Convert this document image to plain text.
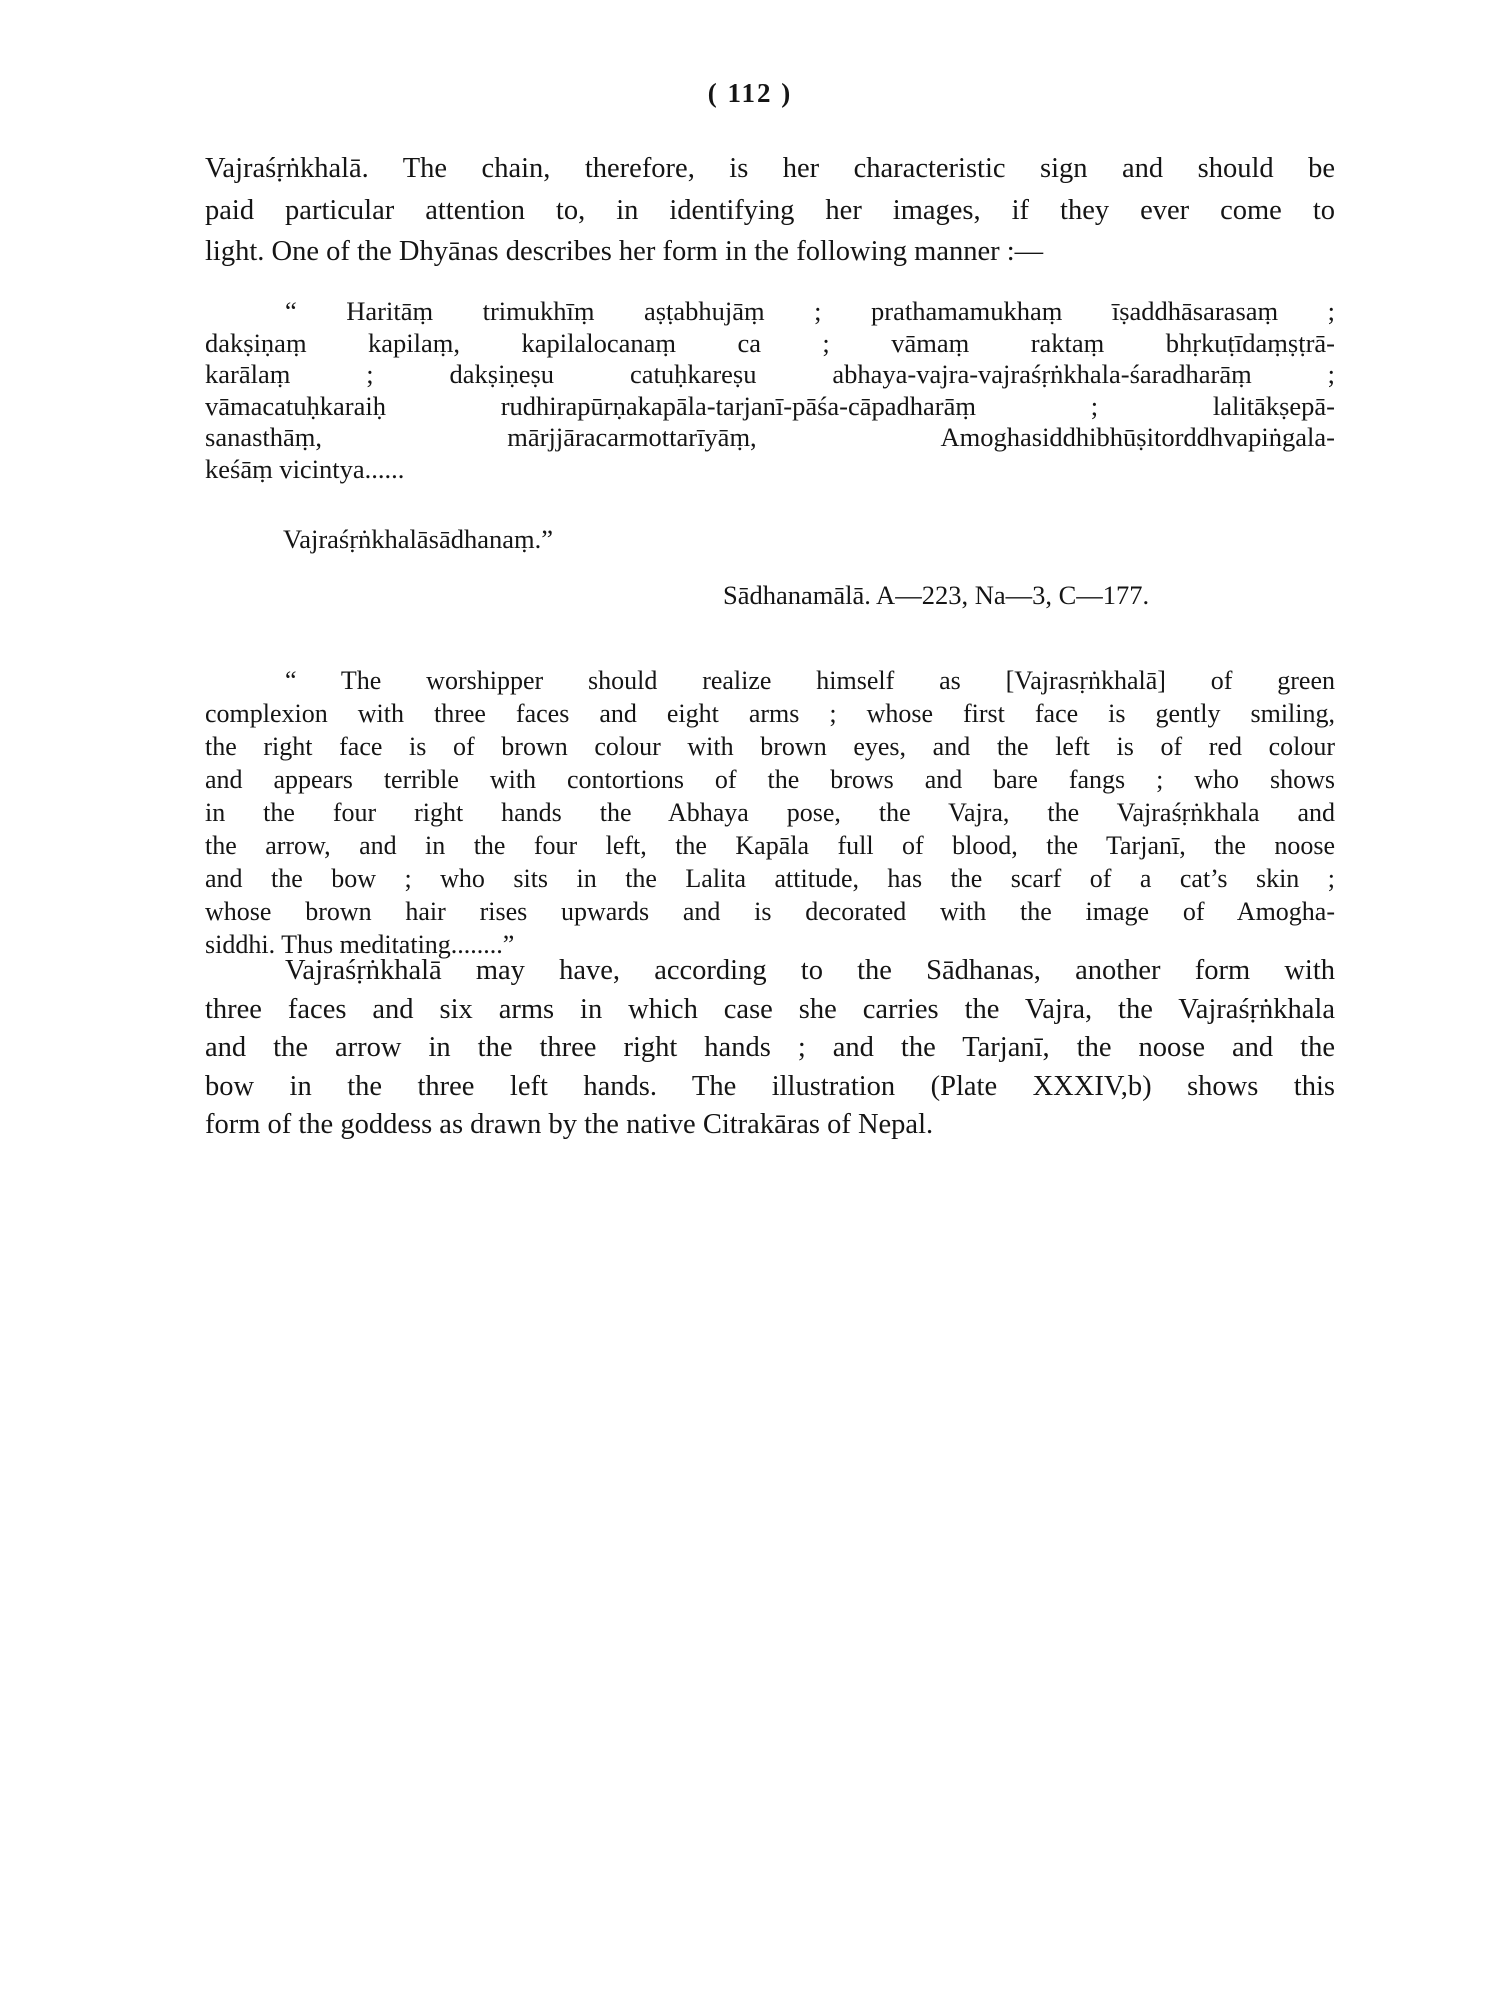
( 112 )
Vajraśṛṅkhalā. The chain, therefore, is her characteristic sign and should be
paid particular attention to, in identifying her images, if they ever come to
light. One of the Dhyānas describes her form in the following manner :—
“ Haritāṃ trimukhīṃ aṣṭabhujāṃ ; prathamamukhaṃ īṣaddhāsarasaṃ ;
dakṣiṇaṃ kapilaṃ, kapilalocanaṃ ca ; vāmaṃ raktaṃ bhṛkuṭīdaṃṣṭrā-
karālaṃ ; dakṣiṇeṣu catuḥkareṣu abhaya-vajra-vajraśṛṅkhala-śaradharāṃ ;
vāmacatuḥkaraiḥ rudhirapūrṇakapāla-tarjanī-pāśa-cāpadharāṃ ; lalitākṣepā-
sanasthāṃ, mārjjāracarmottarīyāṃ, Amoghasiddhibhūṣitorddhvapiṅgala-
keśāṃ vicintya......
Vajraśṛṅkhalāsādhanaṃ.”
Sādhanamālā. A—223, Na—3, C—177.
“ The worshipper should realize himself as [Vajrasṛṅkhalā] of green
complexion with three faces and eight arms ; whose first face is gently smiling,
the right face is of brown colour with brown eyes, and the left is of red colour
and appears terrible with contortions of the brows and bare fangs ; who shows
in the four right hands the Abhaya pose, the Vajra, the Vajraśṛṅkhala and
the arrow, and in the four left, the Kapāla full of blood, the Tarjanī, the noose
and the bow ; who sits in the Lalita attitude, has the scarf of a cat’s skin ;
whose brown hair rises upwards and is decorated with the image of Amogha-
siddhi. Thus meditating........”
Vajraśṛṅkhalā may have, according to the Sādhanas, another form with
three faces and six arms in which case she carries the Vajra, the Vajraśṛṅkhala
and the arrow in the three right hands ; and the Tarjanī, the noose and the
bow in the three left hands. The illustration (Plate XXXIV,b) shows this
form of the goddess as drawn by the native Citrakāras of Nepal.
